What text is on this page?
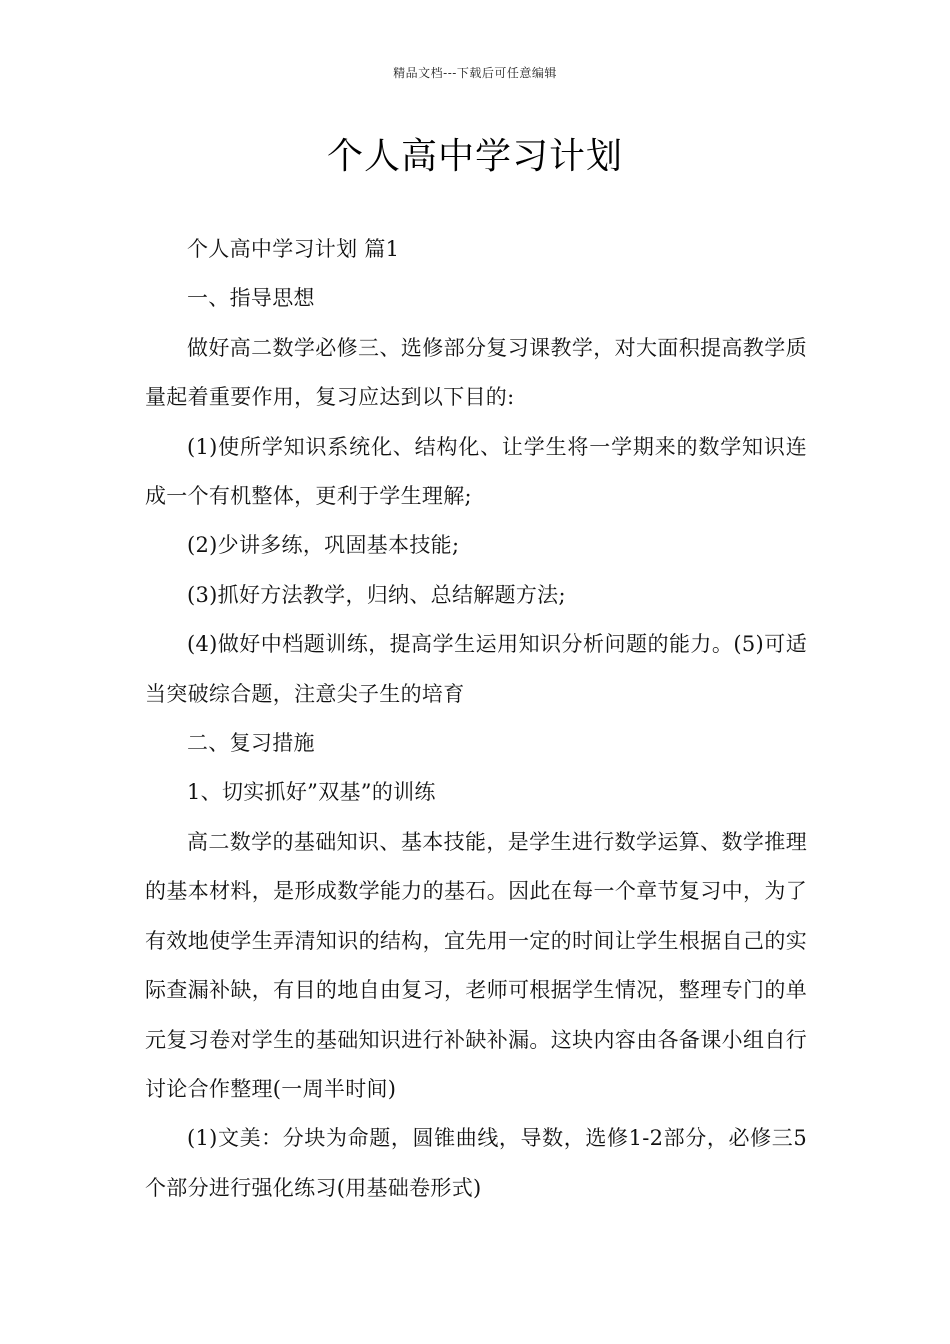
精品文档---下载后可任意编辑
个人高中学习计划

个人高中学习计划 篇1

一、指导思想

做好高二数学必修三、选修部分复习课教学，对大面积提高教学质量起着重要作用，复习应达到以下目的:

(1)使所学知识系统化、结构化、让学生将一学期来的数学知识连成一个有机整体，更利于学生理解;

(2)少讲多练，巩固基本技能;

(3)抓好方法教学，归纳、总结解题方法;

(4)做好中档题训练，提高学生运用知识分析问题的能力。(5)可适当突破综合题，注意尖子生的培育

二、复习措施

1、切实抓好”双基”的训练

高二数学的基础知识、基本技能，是学生进行数学运算、数学推理的基本材料，是形成数学能力的基石。因此在每一个章节复习中，为了有效地使学生弄清知识的结构，宜先用一定的时间让学生根据自己的实际查漏补缺，有目的地自由复习，老师可根据学生情况，整理专门的单元复习卷对学生的基础知识进行补缺补漏。这块内容由各备课小组自行讨论合作整理(一周半时间)

(1)文美：分块为命题，圆锥曲线，导数，选修1-2部分，必修三5个部分进行强化练习(用基础卷形式)
